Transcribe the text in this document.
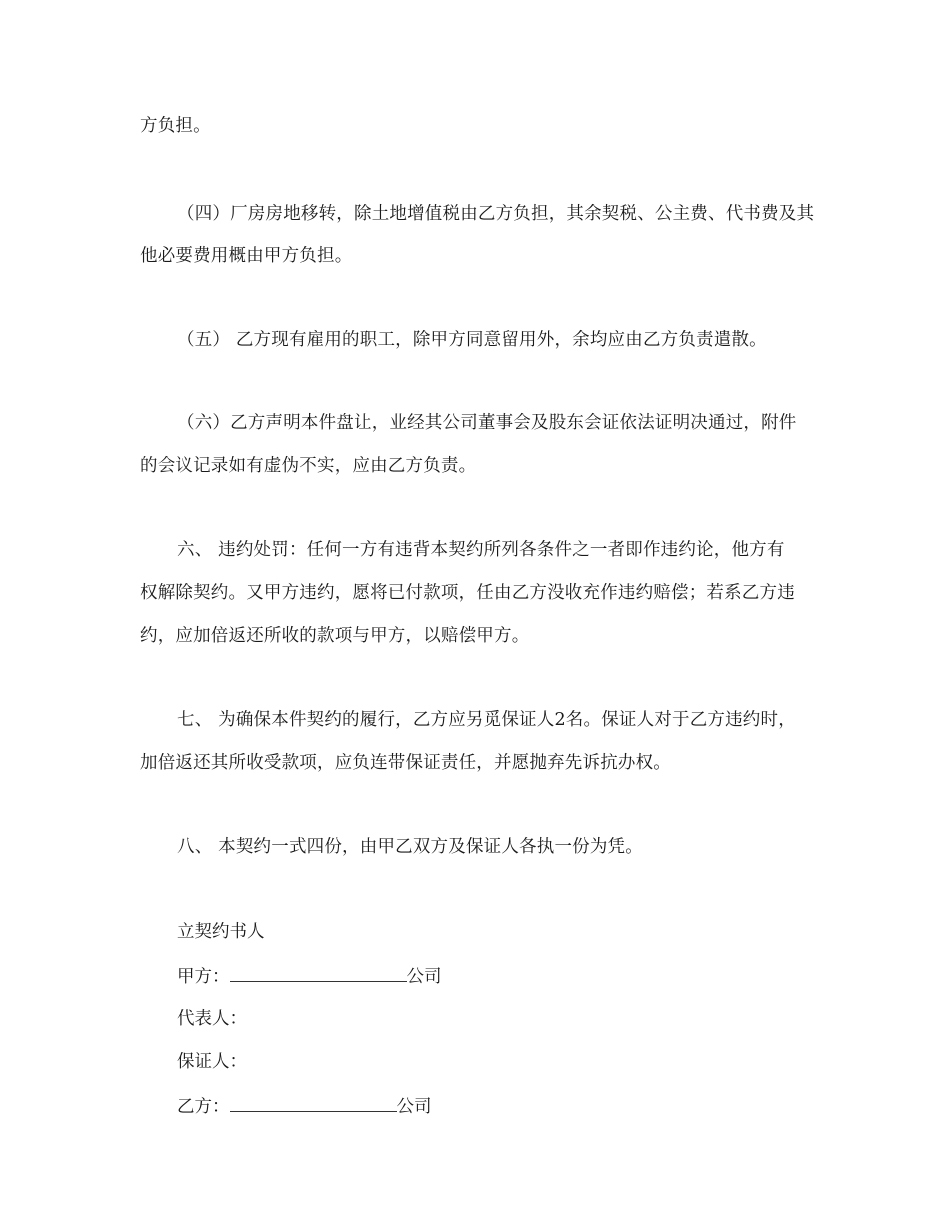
方负担。
（四）厂房房地移转，除土地增值税由乙方负担，其余契税、公主费、代书费及其
他必要费用概由甲方负担。
（五） 乙方现有雇用的职工，除甲方同意留用外，余均应由乙方负责遣散。
（六）乙方声明本件盘让，业经其公司董事会及股东会证依法证明决通过，附件
的会议记录如有虚伪不实，应由乙方负责。
六、 违约处罚：任何一方有违背本契约所列各条件之一者即作违约论，他方有
权解除契约。又甲方违约，愿将已付款项，任由乙方没收充作违约赔偿；若系乙方违
约，应加倍返还所收的款项与甲方，以赔偿甲方。
七、 为确保本件契约的履行，乙方应另觅保证人2名。保证人对于乙方违约时，
加倍返还其所收受款项，应负连带保证责任，并愿抛弃先诉抗办权。
八、 本契约一式四份，由甲乙双方及保证人各执一份为凭。
立契约书人
甲方：	公司
代表人：
保证人：
乙方：	公司
